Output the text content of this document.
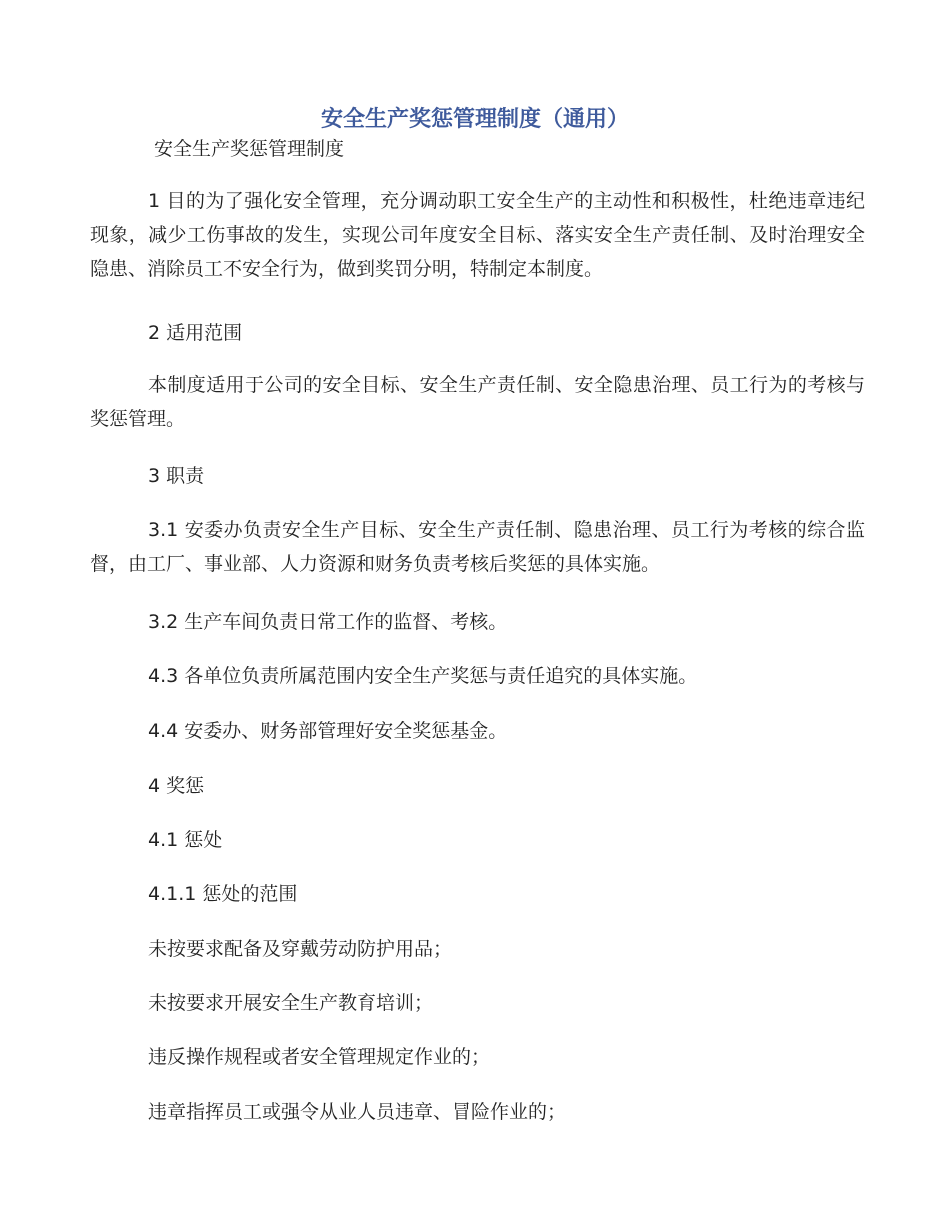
安全生产奖惩管理制度（通用）

安全生产奖惩管理制度

1 目的为了强化安全管理，充分调动职工安全生产的主动性和积极性，杜绝违章违纪现象，减少工伤事故的发生，实现公司年度安全目标、落实安全生产责任制、及时治理安全隐患、消除员工不安全行为，做到奖罚分明，特制定本制度。

2 适用范围

本制度适用于公司的安全目标、安全生产责任制、安全隐患治理、员工行为的考核与奖惩管理。

3 职责

3.1 安委办负责安全生产目标、安全生产责任制、隐患治理、员工行为考核的综合监督，由工厂、事业部、人力资源和财务负责考核后奖惩的具体实施。

3.2 生产车间负责日常工作的监督、考核。

4.3 各单位负责所属范围内安全生产奖惩与责任追究的具体实施。

4.4 安委办、财务部管理好安全奖惩基金。

4 奖惩

4.1 惩处

4.1.1 惩处的范围

未按要求配备及穿戴劳动防护用品；

未按要求开展安全生产教育培训；

违反操作规程或者安全管理规定作业的；

违章指挥员工或强令从业人员违章、冒险作业的；
